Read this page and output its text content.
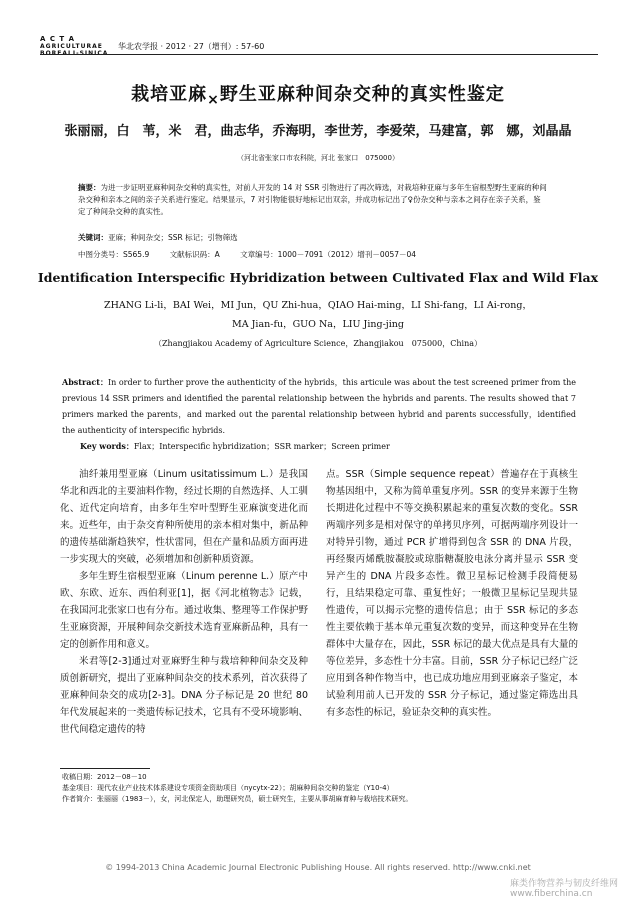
A C T A
AGRICULTURAE	华北农学报 · 2012 · 27（增刊）: 57-60
栽培亚麻$_\times$野生亚麻种间杂交种的真实性鉴定
张丽丽，白　苇，米　君，曲志华，乔海明，李世芳，李爱荣，马建富，郭　娜，刘晶晶
（河北省张家口市农科院，河北 张家口　075000）

摘要：为进一步证明亚麻种间杂交种的真实性，对前人开发的 14 对 SSR 引物进行了再次筛选，对栽培种亚麻与多年生宿根型野生亚麻的种间杂交种和亲本之间的亲子关系进行鉴定。结果显示，7 对引物能很好地标记出双亲，并成功标记出了♀份杂交种与亲本之间存在亲子关系，鉴定了种间杂交种的真实性。

关键词：亚麻；种间杂交；SSR 标记；引物筛选
中图分类号：S565.9	文献标识码：A	文章编号：1000－7091（2012）增刊－0057－04
Identification Interspecific Hybridization between Cultivated Flax and Wild Flax
ZHANG Li-li，BAI Wei，MI Jun，QU Zhi-hua，QIAO Hai-ming，LI Shi-fang，LI Ai-rong，
MA Jian-fu，GUO Na，LIU Jing-jing
（Zhangjiakou Academy of Agriculture Science，Zhangjiakou　075000，China）

Abstract：In order to further prove the authenticity of the hybrids，this articule was about the test screened primer from the previous 14 SSR primers and identified the parental relationship between the hybrids and parents. The results showed that 7 primers marked the parents，and marked out the parental relationship between hybrid and parents successfully，identified the authenticity of interspecific hybrids.

Key words：Flax；Interspecific hybridization；SSR marker；Screen primer

油纤兼用型亚麻（Linum usitatissimum L.）是我国华北和西北的主要油料作物，经过长期的自然选择、人工驯化、近代定向培育，由多年生窄叶型野生亚麻演变进化而来。近些年，由于杂交育种所使用的亲本相对集中，新品种的遗传基础渐趋狭窄，性状雷同，但在产量和品质方面再进一步实现大的突破，必须增加和创新种质资源。

多年生野生宿根型亚麻（Linum perenne L.）原产中欧、东欧、近东、西伯利亚[1]，据《河北植物志》记载，在我国河北张家口也有分布。通过收集、整理等工作保护野生亚麻资源，开展种间杂交新技术选育亚麻新品种，具有一定的创新作用和意义。

米君等[2-3]通过对亚麻野生种与栽培种种间杂交及种质创新研究，提出了亚麻种间杂交的技术系列，首次获得了亚麻种间杂交的成功[2-3]。DNA 分子标记是 20 世纪 80 年代发展起来的一类遗传标记技术，它具有不受环境影响、世代间稳定遗传的特

点。SSR（Simple sequence repeat）普遍存在于真核生物基因组中，又称为简单重复序列。SSR 的变异来源于生物长期进化过程中不等交换积累起来的重复次数的变化。SSR 两端序列多是相对保守的单拷贝序列，可据两端序列设计一对特异引物，通过 PCR 扩增得到包含 SSR 的 DNA 片段，再经聚丙烯酰胺凝胶或琼脂糖凝胶电泳分离并显示 SSR 变异产生的 DNA 片段多态性。微卫星标记检测手段简便易行，且结果稳定可靠、重复性好；一般微卫星标记呈现共显性遗传，可以揭示完整的遗传信息；由于 SSR 标记的多态性主要依赖于基本单元重复次数的变异，而这种变异在生物群体中大量存在，因此，SSR 标记的最大优点是具有大量的等位差异，多态性十分丰富。目前，SSR 分子标记已经广泛应用到各种作物当中，也已成功地应用到亚麻亲子鉴定，本试验利用前人已开发的 SSR 分子标记，通过鉴定筛选出具有多态性的标记，验证杂交种的真实性。

收稿日期：2012－08－10

基金项目：现代农业产业技术体系建设专项资金资助项目（nycytx-22）；胡麻种间杂交种的鉴定（Y10-4）

作者简介：张丽丽（1983－），女，河北保定人，助理研究员，硕士研究生，主要从事胡麻育种与栽培技术研究。

© 1994-2013 China Academic Journal Electronic Publishing House. All rights reserved. http://www.cnki.net
麻类作物营养与韧皮纤维网 www.fiberchina.cn
